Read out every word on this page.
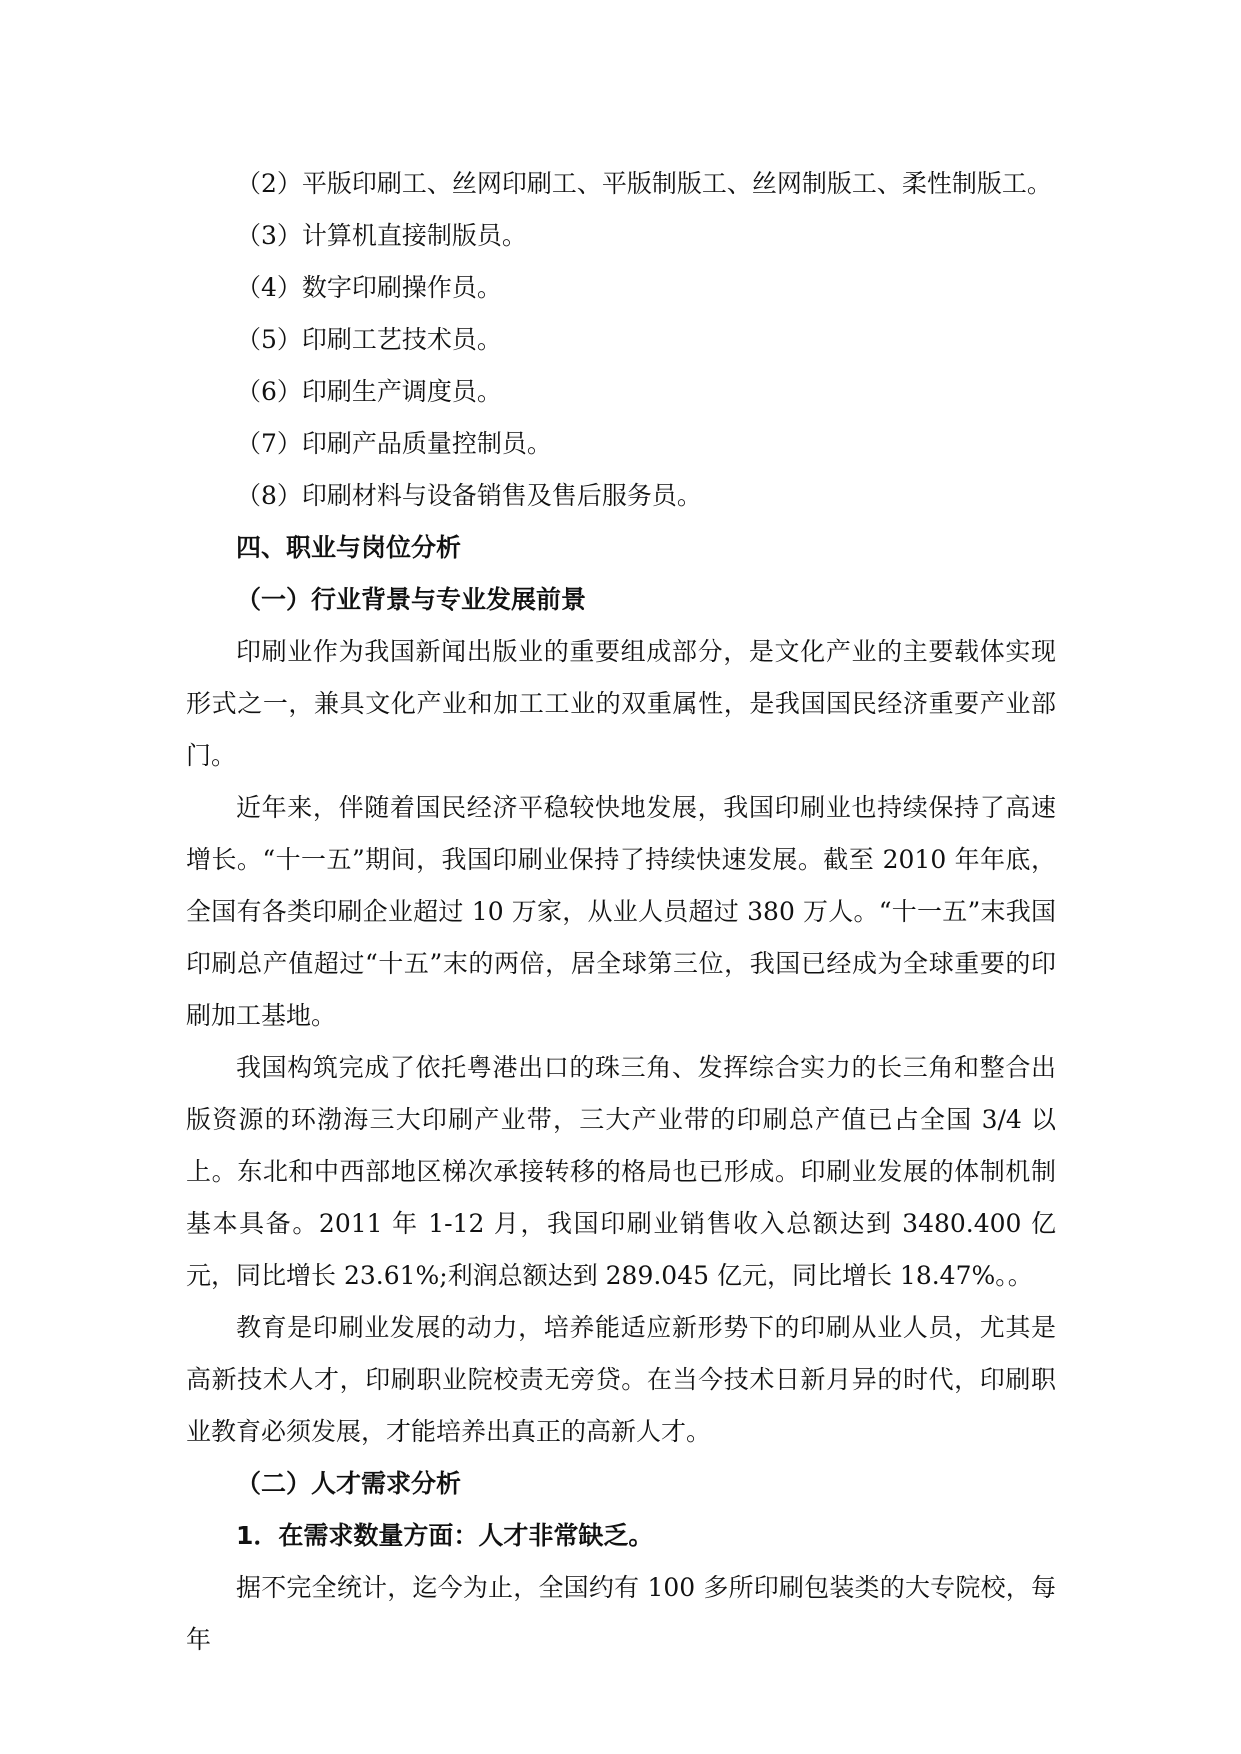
（2）平版印刷工、丝网印刷工、平版制版工、丝网制版工、柔性制版工。
（3）计算机直接制版员。
（4）数字印刷操作员。
（5）印刷工艺技术员。
（6）印刷生产调度员。
（7）印刷产品质量控制员。
（8）印刷材料与设备销售及售后服务员。
四、职业与岗位分析
（一）行业背景与专业发展前景

印刷业作为我国新闻出版业的重要组成部分，是文化产业的主要载体实现形式之一，兼具文化产业和加工工业的双重属性，是我国国民经济重要产业部门。

近年来，伴随着国民经济平稳较快地发展，我国印刷业也持续保持了高速增长。“十一五”期间，我国印刷业保持了持续快速发展。截至 2010 年年底，全国有各类印刷企业超过 10 万家，从业人员超过 380 万人。“十一五”末我国印刷总产值超过“十五”末的两倍，居全球第三位，我国已经成为全球重要的印刷加工基地。

我国构筑完成了依托粤港出口的珠三角、发挥综合实力的长三角和整合出版资源的环渤海三大印刷产业带，三大产业带的印刷总产值已占全国 3/4 以上。东北和中西部地区梯次承接转移的格局也已形成。印刷业发展的体制机制基本具备。2011 年 1-12 月，我国印刷业销售收入总额达到 3480.400 亿元，同比增长 23.61%;利润总额达到 289.045 亿元，同比增长 18.47%。。

教育是印刷业发展的动力，培养能适应新形势下的印刷从业人员，尤其是高新技术人才，印刷职业院校责无旁贷。在当今技术日新月异的时代，印刷职业教育必须发展，才能培养出真正的高新人才。

（二）人才需求分析
1．在需求数量方面：人才非常缺乏。

据不完全统计，迄今为止，全国约有 100 多所印刷包装类的大专院校，每年
